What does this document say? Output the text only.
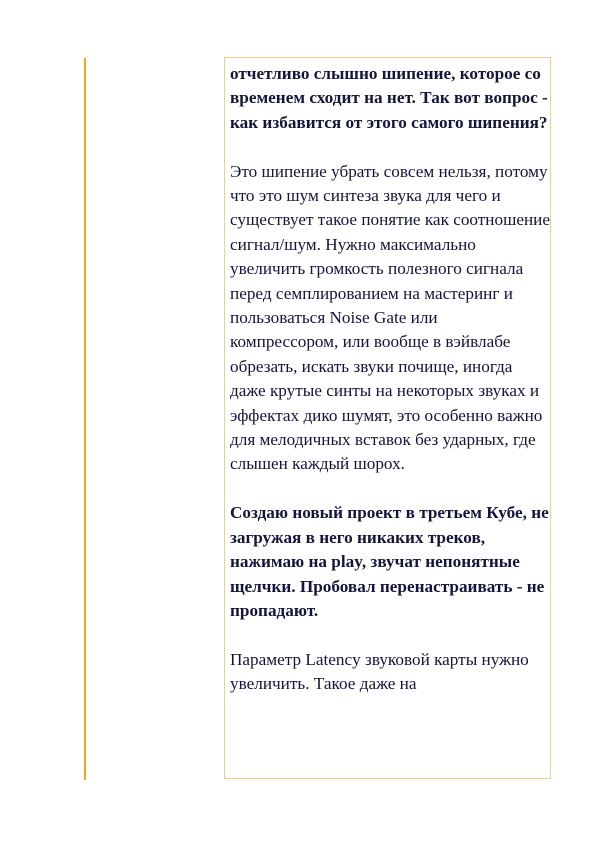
отчетливо слышно шипение, которое со временем сходит на нет. Так вот вопрос - как избавится от этого самого шипения?

Это шипение убрать совсем нельзя, потому что это шум синтеза звука для чего и существует такое понятие как соотношение сигнал/шум. Нужно максимально увеличить громкость полезного сигнала перед семплированием на мастеринг и пользоваться Noise Gate или компрессором, или вообще в вэйвлабе обрезать, искать звуки почище, иногда даже крутые синты на некоторых звуках и эффектах дико шумят, это особенно важно для мелодичных вставок без ударных, где слышен каждый шорох.

Создаю новый проект в третьем Кубе, не загружая в него никаких треков, нажимаю на play, звучат непонятные щелчки. Пробовал перенастраивать - не пропадают.

Параметр Latency звуковой карты нужно увеличить. Такое даже на
